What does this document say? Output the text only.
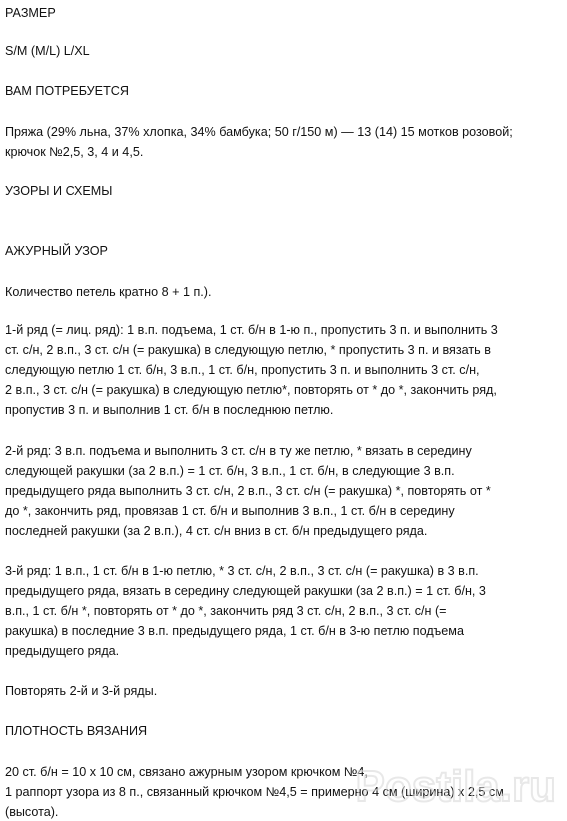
РАЗМЕР

S/M (M/L) L/XL

ВАМ ПОТРЕБУЕТСЯ

Пряжа (29% льна, 37% хлопка, 34% бамбука; 50 г/150 м) — 13 (14) 15 мотков розовой;

крючок №2,5, 3, 4 и 4,5.

УЗОРЫ И СХЕМЫ

АЖУРНЫЙ УЗОР

Количество петель кратно 8 + 1 п.).

1-й ряд (= лиц. ряд): 1 в.п. подъема, 1 ст. б/н в 1-ю п., пропустить 3 п. и выполнить 3

ст. с/н, 2 в.п., 3 ст. с/н (= ракушка) в следующую петлю, * пропустить 3 п. и вязать в

следующую петлю 1 ст. б/н, 3 в.п., 1 ст. б/н, пропустить 3 п. и выполнить 3 ст. с/н,

2 в.п., 3 ст. с/н (= ракушка) в следующую петлю*, повторять от * до *, закончить ряд,

пропустив 3 п. и выполнив 1 ст. б/н в последнюю петлю.

2-й ряд: 3 в.п. подъема и выполнить 3 ст. с/н в ту же петлю, * вязать в середину

следующей ракушки (за 2 в.п.) = 1 ст. б/н, 3 в.п., 1 ст. б/н, в следующие 3 в.п.

предыдущего ряда выполнить 3 ст. с/н, 2 в.п., 3 ст. с/н (= ракушка) *, повторять от *

до *, закончить ряд, провязав 1 ст. б/н и выполнив 3 в.п., 1 ст. б/н в середину

последней ракушки (за 2 в.п.), 4 ст. с/н вниз в ст. б/н предыдущего ряда.

3-й ряд: 1 в.п., 1 ст. б/н в 1-ю петлю, * 3 ст. с/н, 2 в.п., 3 ст. с/н (= ракушка) в 3 в.п.

предыдущего ряда, вязать в середину следующей ракушки (за 2 в.п.) = 1 ст. б/н, 3

в.п., 1 ст. б/н *, повторять от * до *, закончить ряд 3 ст. с/н, 2 в.п., 3 ст. с/н (=

ракушка) в последние 3 в.п. предыдущего ряда, 1 ст. б/н в 3-ю петлю подъема

предыдущего ряда.

Повторять 2-й и 3-й ряды.

ПЛОТНОСТЬ ВЯЗАНИЯ

20 ст. б/н = 10 х 10 см, связано ажурным узором крючком №4,

1 раппорт узора из 8 п., связанный крючком №4,5 = примерно 4 см (ширина) х 2,5 см

(высота).

Postila.ru
